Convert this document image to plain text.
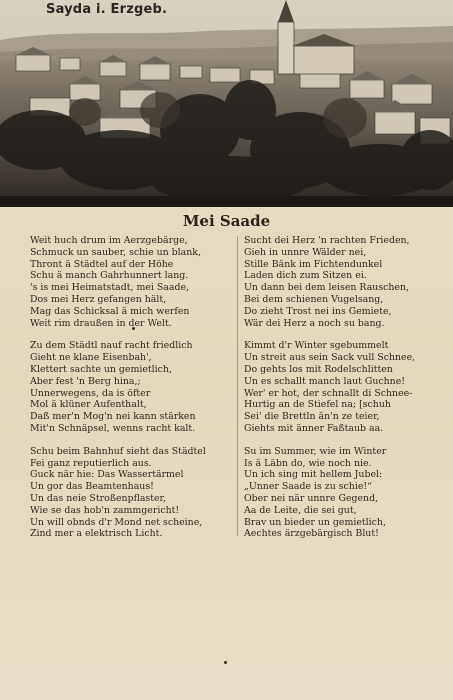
Sayda i. Erzgeb.
Mei Saade
Weit huch drum im Aerzgebärge,
Schmuck un sauber, schie un blank,
Thront ä Städtel auf der Höhe
Schu ä manch Gahrhunnert lang.
's is mei Heimatstadt, mei Saade,
Dos mei Herz gefangen hält,
Mag das Schicksal ä mich werfen
Weit rim draußen in der Welt.
Zu dem Städtl nauf racht friedlich
Gieht ne klane Eisenbah',
Klettert sachte un gemietlich,
Aber fest 'n Berg hina,;
Unnerwegens, da is öfter
Mol ä klüner Aufenthalt,
Daß mer'n Mog'n nei kann stärken
Mit'n Schnäpsel, wenns racht kalt.
Schu beim Bahnhuf sieht das Städtel
Fei ganz reputierlich aus.
Guck när hie: Das Wassertärmel
Un gor das Beamtenhaus!
Un das neie Stroßenpflaster,
Wie se das hob'n zammgericht!
Un will obnds d'r Mond net scheine,
Zind mer a elektrisch Licht.
Sucht dei Herz 'n rachten Frieden,
Gieh in unnre Wälder nei,
Stille Bänk im Fichtendunkel
Laden dich zum Sitzen ei.
Un dann bei dem leisen Rauschen,
Bei dem schienen Vugelsang,
Do zieht Trost nei ins Gemiete,
Wär dei Herz a noch su bang.
Kimmt d'r Winter sgebummelt
Un streit aus sein Sack vull Schnee,
Do gehts los mit Rodelschlitten
Un es schallt manch laut Guchne!
Wer' er hot, der schnallt di Schnee-
Hurtig an de Stiefel na; [schuh
Sei' die Brettln än'n ze teier,
Giehts mit änner Faßtaub aa.
Su im Summer, wie im Winter
Is ä Läbn do, wie noch nie.
Un ich sing mit hellem Jubel:
„Unner Saade is zu schie!“
Ober nei när unnre Gegend,
Aa de Leite, die sei gut,
Brav un bieder un gemietlich,
Aechtes ärzgebärgisch Blut!
